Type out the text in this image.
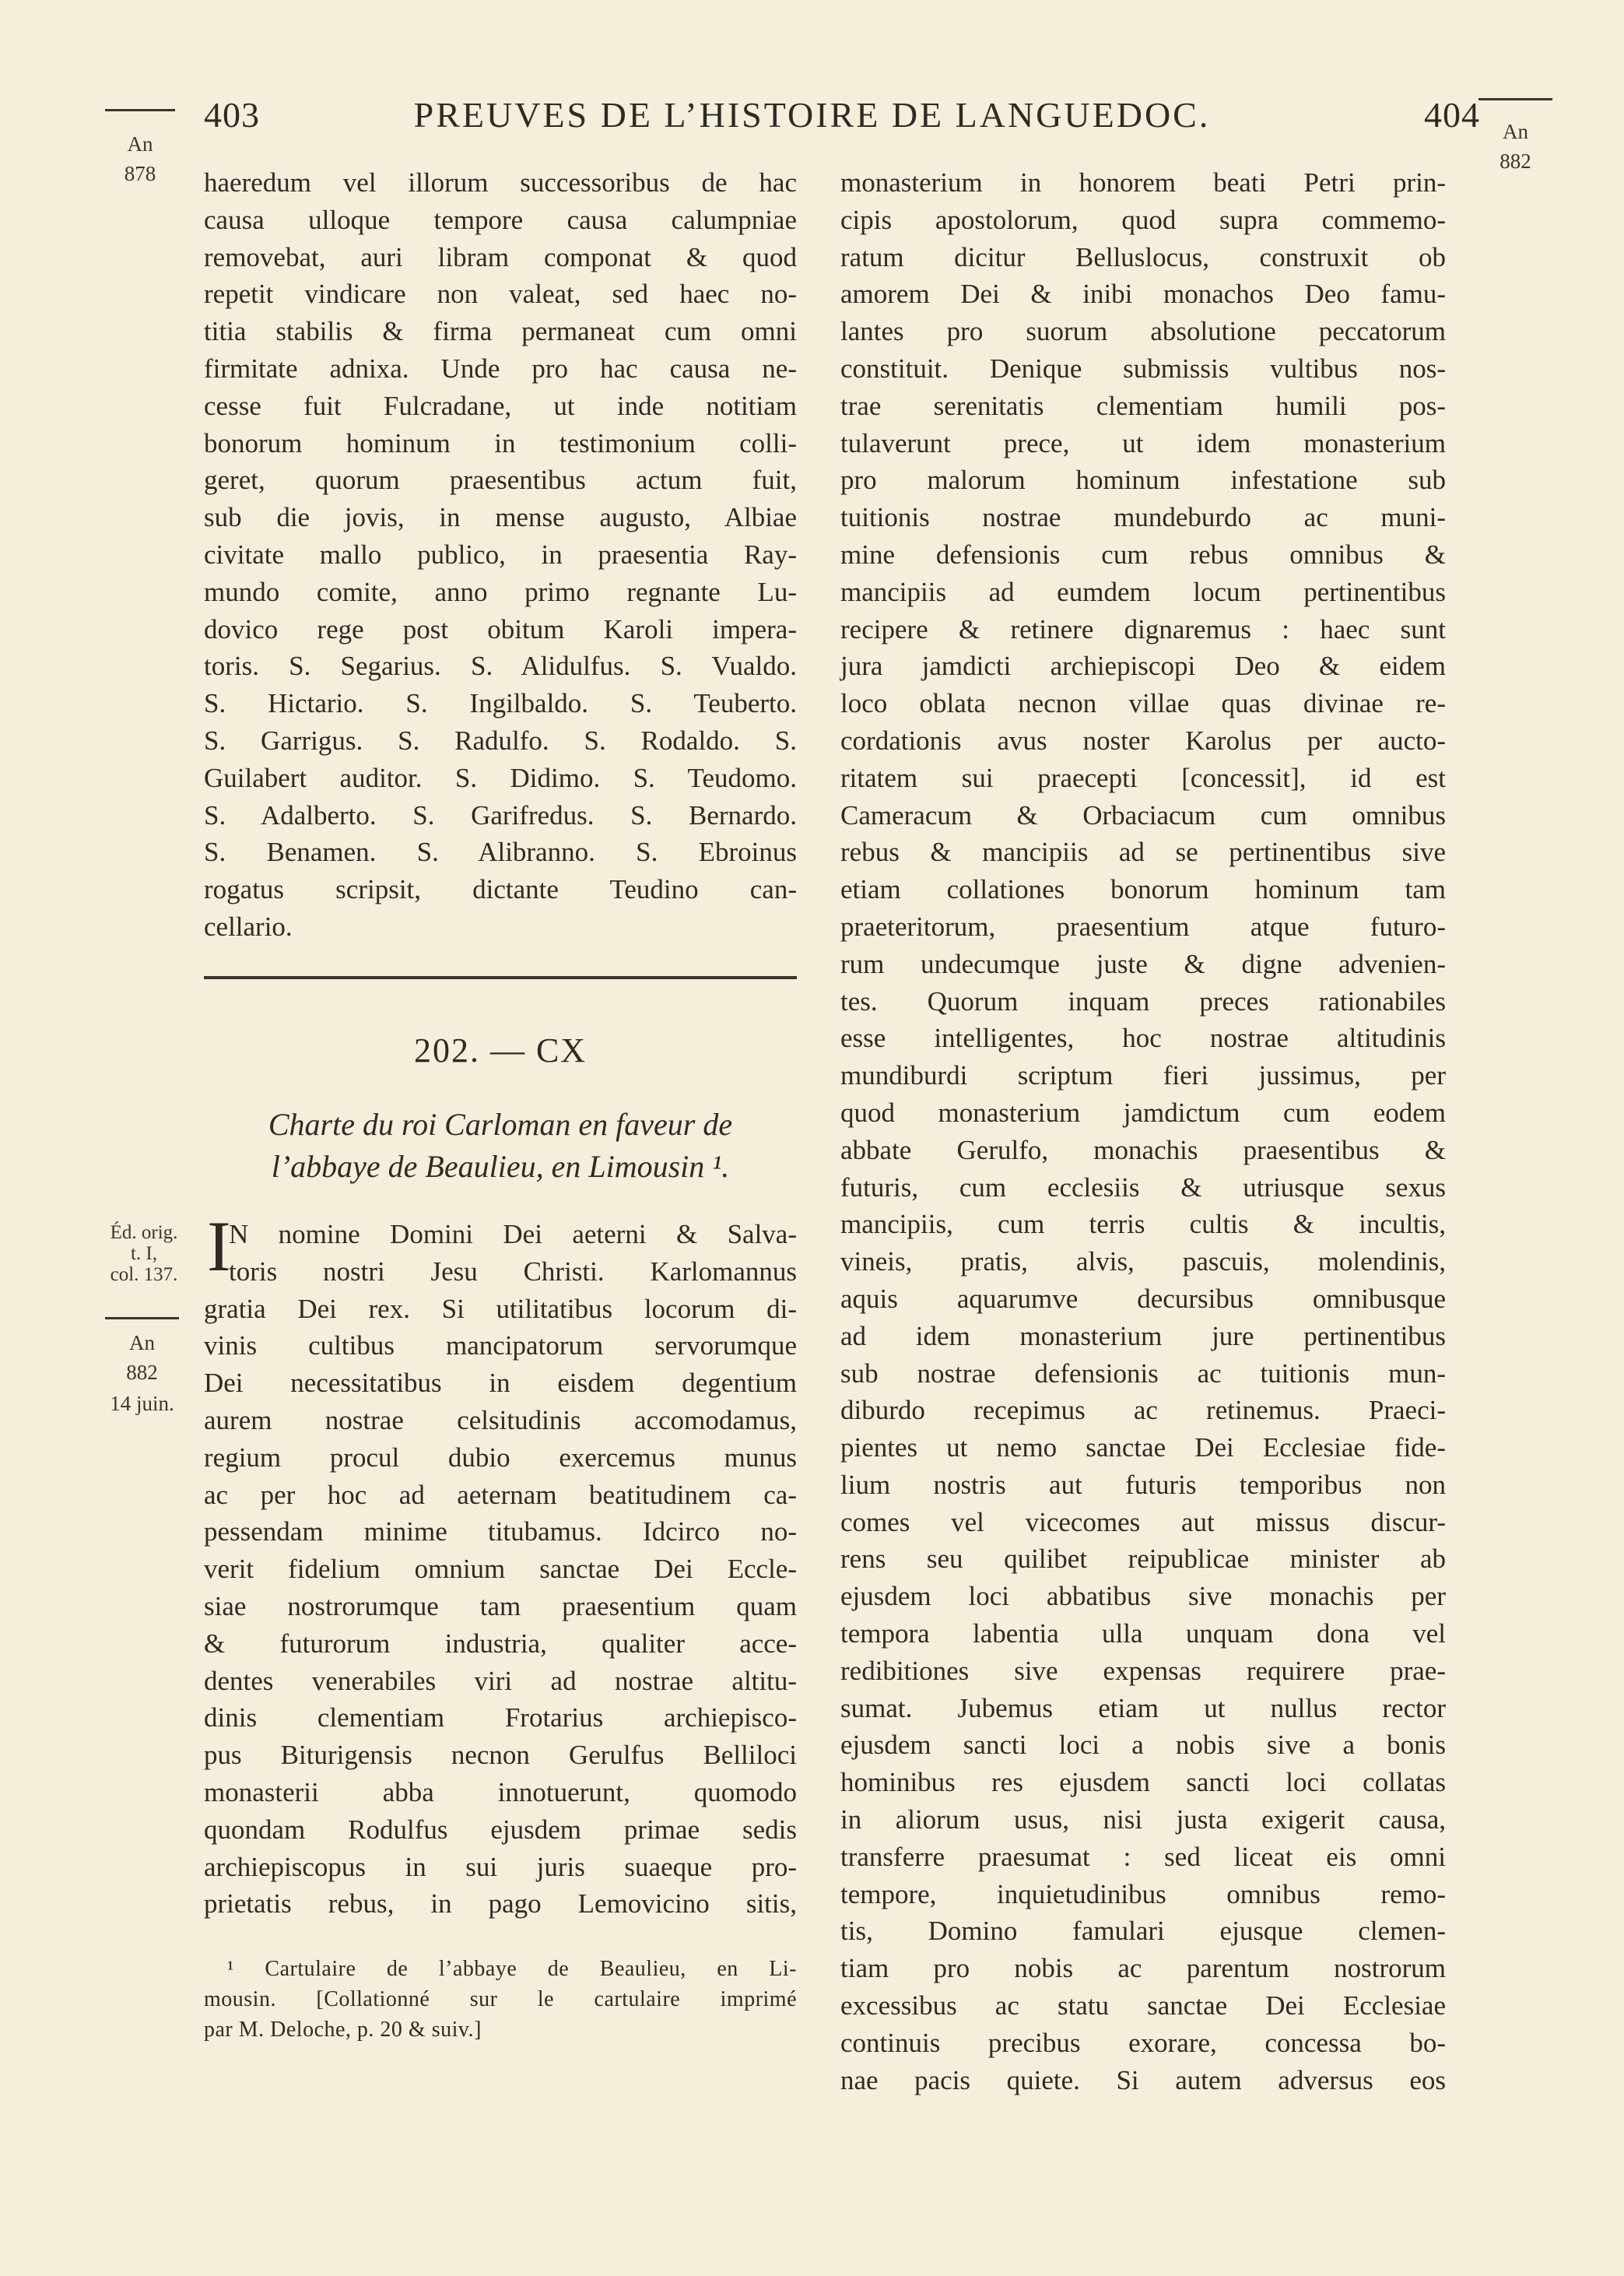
403	PREUVES DE L’HISTOIRE DE LANGUEDOC.	404
An
878
An
882
Éd. orig.
t. I,
col. 137.
An
882
14 juin.
haeredum vel illorum successoribus de hac
causa ulloque tempore causa calumpniae
removebat, auri libram componat & quod
repetit vindicare non valeat, sed haec no-
titia stabilis & firma permaneat cum omni
firmitate adnixa. Unde pro hac causa ne-
cesse fuit Fulcradane, ut inde notitiam
bonorum hominum in testimonium colli-
geret, quorum praesentibus actum fuit,
sub die jovis, in mense augusto, Albiae
civitate mallo publico, in praesentia Ray-
mundo comite, anno primo regnante Lu-
dovico rege post obitum Karoli impera-
toris. S. Segarius. S. Alidulfus. S. Vualdo.
S. Hictario. S. Ingilbaldo. S. Teuberto.
S. Garrigus. S. Radulfo. S. Rodaldo. S.
Guilabert auditor. S. Didimo. S. Teudomo.
S. Adalberto. S. Garifredus. S. Bernardo.
S. Benamen. S. Alibranno. S. Ebroinus
rogatus scripsit, dictante Teudino can-
cellario.
202. — CX
Charte du roi Carloman en faveur de
l’abbaye de Beaulieu, en Limousin ¹.
I
N nomine Domini Dei aeterni & Salva-
toris nostri Jesu Christi. Karlomannus
gratia Dei rex. Si utilitatibus locorum di-
vinis cultibus mancipatorum servorumque
Dei necessitatibus in eisdem degentium
aurem nostrae celsitudinis accomodamus,
regium procul dubio exercemus munus
ac per hoc ad aeternam beatitudinem ca-
pessendam minime titubamus. Idcirco no-
verit fidelium omnium sanctae Dei Eccle-
siae nostrorumque tam praesentium quam
& futurorum industria, qualiter acce-
dentes venerabiles viri ad nostrae altitu-
dinis clementiam Frotarius archiepisco-
pus Biturigensis necnon Gerulfus Belliloci
monasterii abba innotuerunt, quomodo
quondam Rodulfus ejusdem primae sedis
archiepiscopus in sui juris suaeque pro-
prietatis rebus, in pago Lemovicino sitis,
¹ Cartulaire de l’abbaye de Beaulieu, en Li-
mousin. [Collationné sur le cartulaire imprimé
par M. Deloche, p. 20 & suiv.]
monasterium in honorem beati Petri prin-
cipis apostolorum, quod supra commemo-
ratum dicitur Belluslocus, construxit ob
amorem Dei & inibi monachos Deo famu-
lantes pro suorum absolutione peccatorum
constituit. Denique submissis vultibus nos-
trae serenitatis clementiam humili pos-
tulaverunt prece, ut idem monasterium
pro malorum hominum infestatione sub
tuitionis nostrae mundeburdo ac muni-
mine defensionis cum rebus omnibus &
mancipiis ad eumdem locum pertinentibus
recipere & retinere dignaremus : haec sunt
jura jamdicti archiepiscopi Deo & eidem
loco oblata necnon villae quas divinae re-
cordationis avus noster Karolus per aucto-
ritatem sui praecepti [concessit], id est
Cameracum & Orbaciacum cum omnibus
rebus & mancipiis ad se pertinentibus sive
etiam collationes bonorum hominum tam
praeteritorum, praesentium atque futuro-
rum undecumque juste & digne advenien-
tes. Quorum inquam preces rationabiles
esse intelligentes, hoc nostrae altitudinis
mundiburdi scriptum fieri jussimus, per
quod monasterium jamdictum cum eodem
abbate Gerulfo, monachis praesentibus &
futuris, cum ecclesiis & utriusque sexus
mancipiis, cum terris cultis & incultis,
vineis, pratis, alvis, pascuis, molendinis,
aquis aquarumve decursibus omnibusque
ad idem monasterium jure pertinentibus
sub nostrae defensionis ac tuitionis mun-
diburdo recepimus ac retinemus. Praeci-
pientes ut nemo sanctae Dei Ecclesiae fide-
lium nostris aut futuris temporibus non
comes vel vicecomes aut missus discur-
rens seu quilibet reipublicae minister ab
ejusdem loci abbatibus sive monachis per
tempora labentia ulla unquam dona vel
redibitiones sive expensas requirere prae-
sumat. Jubemus etiam ut nullus rector
ejusdem sancti loci a nobis sive a bonis
hominibus res ejusdem sancti loci collatas
in aliorum usus, nisi justa exigerit causa,
transferre praesumat : sed liceat eis omni
tempore, inquietudinibus omnibus remo-
tis, Domino famulari ejusque clemen-
tiam pro nobis ac parentum nostrorum
excessibus ac statu sanctae Dei Ecclesiae
continuis precibus exorare, concessa bo-
nae pacis quiete. Si autem adversus eos
